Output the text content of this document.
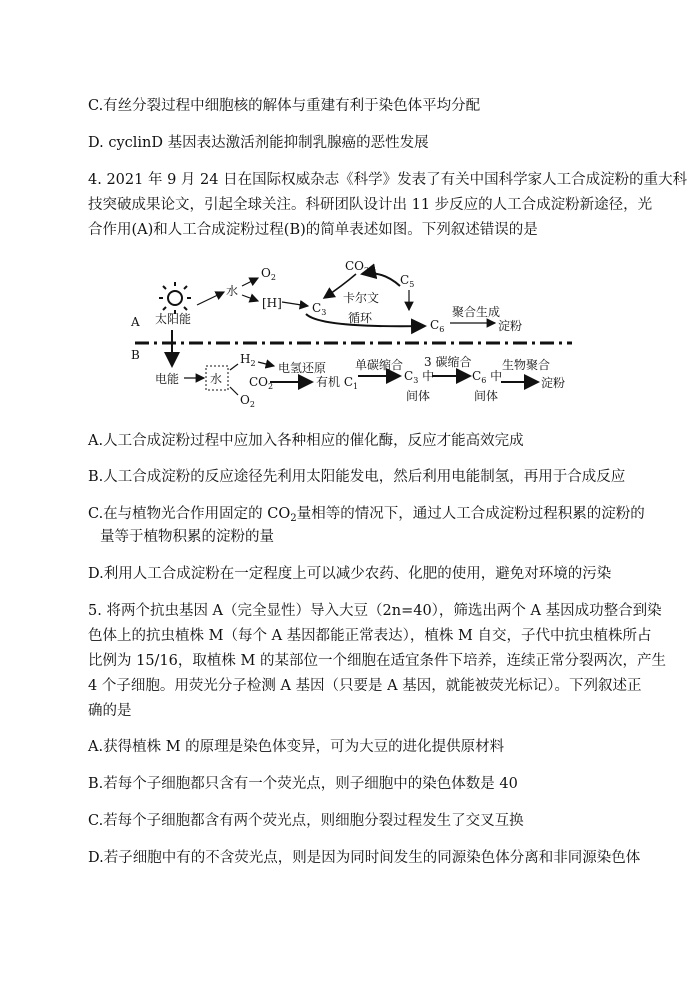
C.有丝分裂过程中细胞核的解体与重建有利于染色体平均分配
D. cyclinD 基因表达激活剂能抑制乳腺癌的恶性发展
4. 2021 年 9 月 24 日在国际权威杂志《科学》发表了有关中国科学家人工合成淀粉的重大科
技突破成果论文，引起全球关注。科研团队设计出 11 步反应的人工合成淀粉新途径，光
合作用(A)和人工合成淀粉过程(B)的简单表述如图。下列叙述错误的是
太阳能
A
B
水
$O_2$
[H]	$C_3$
$CO_2$
$C_5$
卡尔文
循环	$C_6$
聚合生成
淀粉
电能	水
$H_2$
$O_2$
电氢还原
$CO_2$	有机 $C_1$
单碳缩合
$C_3$ 中
间体
3 碳缩合
$C_6$ 中
间体
生物聚合
淀粉
A.人工合成淀粉过程中应加入各种相应的催化酶，反应才能高效完成
B.人工合成淀粉的反应途径先利用太阳能发电，然后利用电能制氢，再用于合成反应
C.在与植物光合作用固定的 $CO_2$量相等的情况下，通过人工合成淀粉过程积累的淀粉的
量等于植物积累的淀粉的量
D.利用人工合成淀粉在一定程度上可以减少农药、化肥的使用，避免对环境的污染
5. 将两个抗虫基因 A（完全显性）导入大豆（2n=40），筛选出两个 A 基因成功整合到染
色体上的抗虫植株 M（每个 A 基因都能正常表达），植株 M 自交，子代中抗虫植株所占
比例为 15/16，取植株 M 的某部位一个细胞在适宜条件下培养，连续正常分裂两次，产生
4 个子细胞。用荧光分子检测 A 基因（只要是 A 基因，就能被荧光标记）。下列叙述正
确的是
A.获得植株 M 的原理是染色体变异，可为大豆的进化提供原材料
B.若每个子细胞都只含有一个荧光点，则子细胞中的染色体数是 40
C.若每个子细胞都含有两个荧光点，则细胞分裂过程发生了交叉互换
D.若子细胞中有的不含荧光点，则是因为同时间发生的同源染色体分离和非同源染色体
